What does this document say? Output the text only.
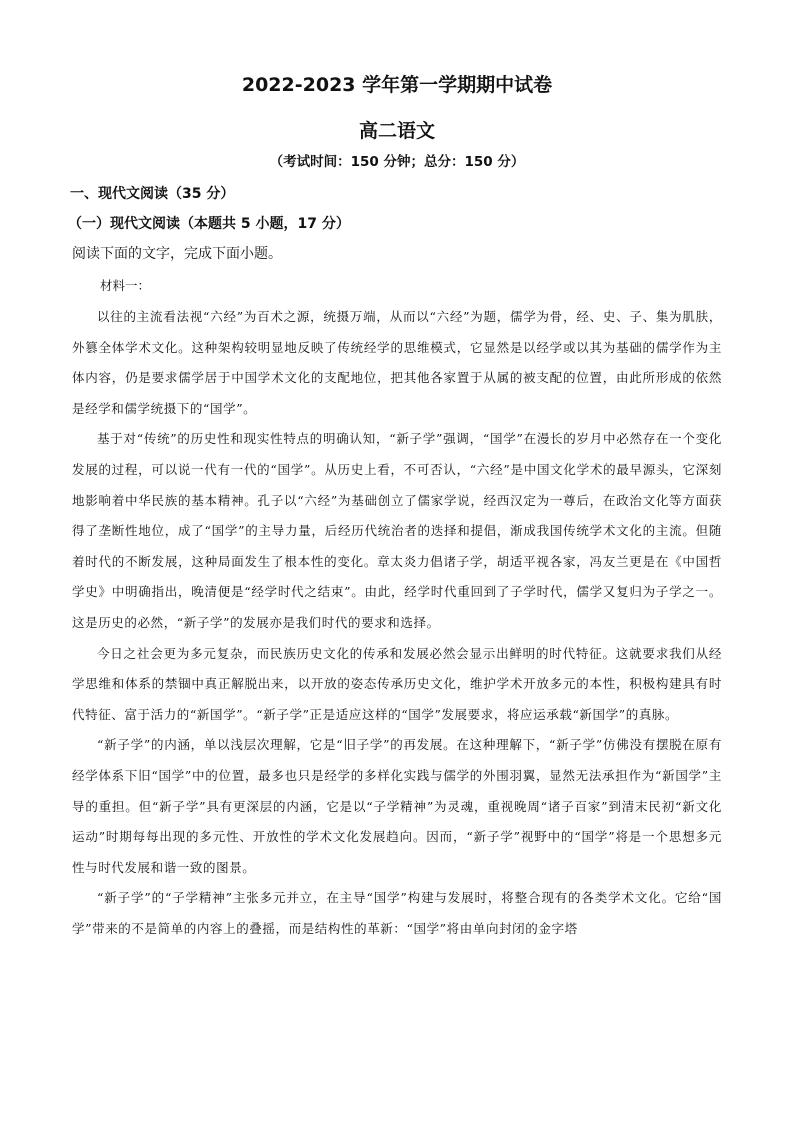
2022-2023 学年第一学期期中试卷
高二语文
（考试时间：150 分钟；总分：150 分）
一、现代文阅读（35 分）
（一）现代文阅读（本题共 5 小题，17 分）
阅读下面的文字，完成下面小题。
材料一：

以往的主流看法视“六经”为百术之源，统摄万端，从而以“六经”为题，儒学为骨，经、史、子、集为肌肤，外篡全体学术文化。这种架构较明显地反映了传统经学的思维模式，它显然是以经学或以其为基础的儒学作为主体内容，仍是要求儒学居于中国学术文化的支配地位，把其他各家置于从属的被支配的位置，由此所形成的依然是经学和儒学统摄下的“国学”。

基于对“传统”的历史性和现实性特点的明确认知，“新子学”强调，“国学”在漫长的岁月中必然存在一个变化发展的过程，可以说一代有一代的“国学”。从历史上看，不可否认，“六经”是中国文化学术的最早源头，它深刻地影响着中华民族的基本精神。孔子以“六经”为基础创立了儒家学说，经西汉定为一尊后，在政治文化等方面获得了垄断性地位，成了“国学”的主导力量，后经历代统治者的迭择和提倡，渐成我国传统学术文化的主流。但随着时代的不断发展，这种局面发生了根本性的变化。章太炎力倡诸子学，胡适平视各家，冯友兰更是在《中国哲学史》中明确指出，晚清便是“经学时代之结束”。由此，经学时代重回到了子学时代，儒学又复归为子学之一。这是历史的必然，“新子学”的发展亦是我们时代的要求和选择。

今日之社会更为多元复杂，而民族历史文化的传承和发展必然会显示出鲜明的时代特征。这就要求我们从经学思维和体系的禁锢中真正解脱出来，以开放的姿态传承历史文化，维护学术开放多元的本性，积极构建具有时代特征、富于活力的“新国学”。“新子学”正是适应这样的“国学”发展要求，将应运承载“新国学”的真脉。

“新子学”的内涵，单以浅层次理解，它是“旧子学”的再发展。在这种理解下，“新子学”仿佛没有摆脱在原有经学体系下旧“国学”中的位置，最多也只是经学的多样化实践与儒学的外围羽翼，显然无法承担作为“新国学”主导的重担。但“新子学”具有更深层的内涵，它是以“子学精神”为灵魂，重视晚周“诸子百家”到清末民初“新文化运动”时期每每出现的多元性、开放性的学术文化发展趋向。因而，“新子学”视野中的“国学”将是一个思想多元性与时代发展和谐一致的图景。

“新子学”的“子学精神”主张多元并立，在主导“国学”构建与发展时，将整合现有的各类学术文化。它给“国学”带来的不是简单的内容上的叠摇，而是结构性的革新：“国学”将由单向封闭的金字塔
